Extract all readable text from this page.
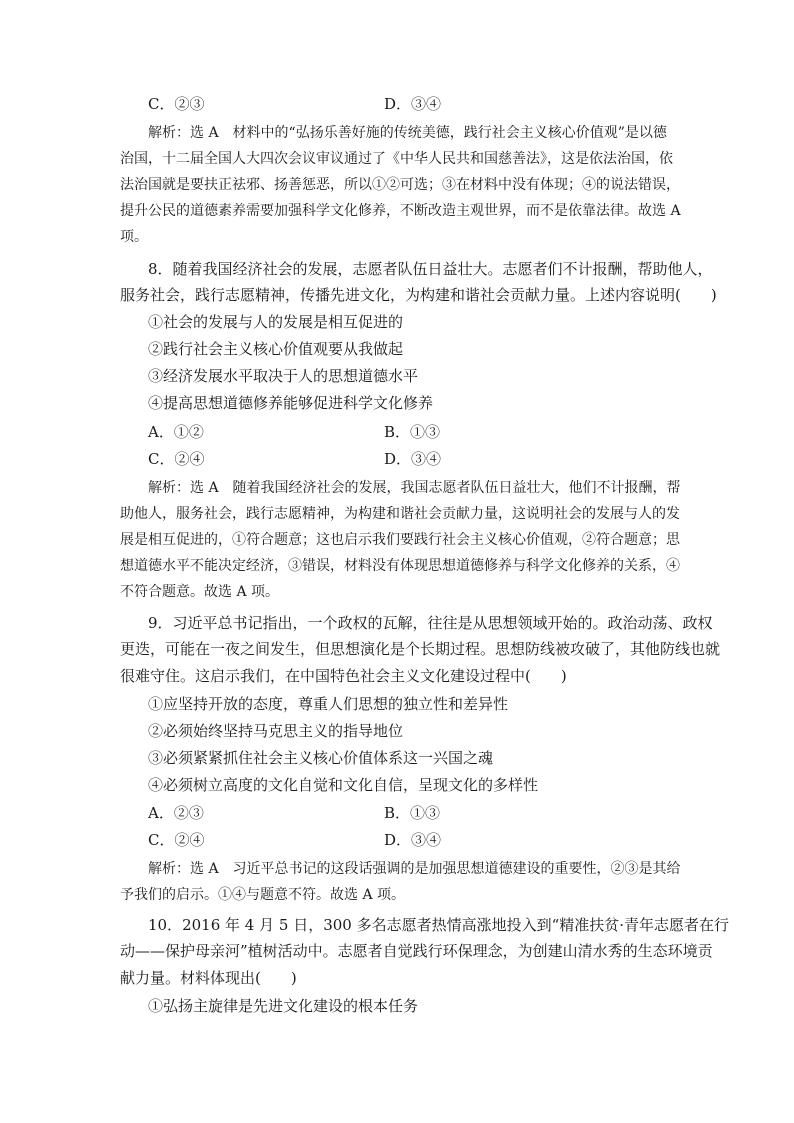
C．②③	D．③④
解析：选 A　材料中的“弘扬乐善好施的传统美德，践行社会主义核心价值观”是以德
治国，十二届全国人大四次会议审议通过了《中华人民共和国慈善法》，这是依法治国，依
法治国就是要扶正祛邪、扬善惩恶，所以①②可选；③在材料中没有体现；④的说法错误，
提升公民的道德素养需要加强科学文化修养，不断改造主观世界，而不是依靠法律。故选 A
项。
8．随着我国经济社会的发展，志愿者队伍日益壮大。志愿者们不计报酬，帮助他人，
服务社会，践行志愿精神，传播先进文化，为构建和谐社会贡献力量。上述内容说明(　　)
①社会的发展与人的发展是相互促进的
②践行社会主义核心价值观要从我做起
③经济发展水平取决于人的思想道德水平
④提高思想道德修养能够促进科学文化修养
A．①②	B．①③
C．②④	D．③④
解析：选 A　随着我国经济社会的发展，我国志愿者队伍日益壮大，他们不计报酬，帮
助他人，服务社会，践行志愿精神，为构建和谐社会贡献力量，这说明社会的发展与人的发
展是相互促进的，①符合题意；这也启示我们要践行社会主义核心价值观，②符合题意；思
想道德水平不能决定经济，③错误，材料没有体现思想道德修养与科学文化修养的关系，④
不符合题意。故选 A 项。
9．习近平总书记指出，一个政权的瓦解，往往是从思想领域开始的。政治动荡、政权
更迭，可能在一夜之间发生，但思想演化是个长期过程。思想防线被攻破了，其他防线也就
很难守住。这启示我们，在中国特色社会主义文化建设过程中(　　)
①应坚持开放的态度，尊重人们思想的独立性和差异性
②必须始终坚持马克思主义的指导地位
③必须紧紧抓住社会主义核心价值体系这一兴国之魂
④必须树立高度的文化自觉和文化自信，呈现文化的多样性
A．②③	B．①③
C．②④	D．③④
解析：选 A　习近平总书记的这段话强调的是加强思想道德建设的重要性，②③是其给
予我们的启示。①④与题意不符。故选 A 项。
10．2016 年 4 月 5 日，300 多名志愿者热情高涨地投入到“精准扶贫·青年志愿者在行
动——保护母亲河”植树活动中。志愿者自觉践行环保理念，为创建山清水秀的生态环境贡
献力量。材料体现出(　　)
①弘扬主旋律是先进文化建设的根本任务
